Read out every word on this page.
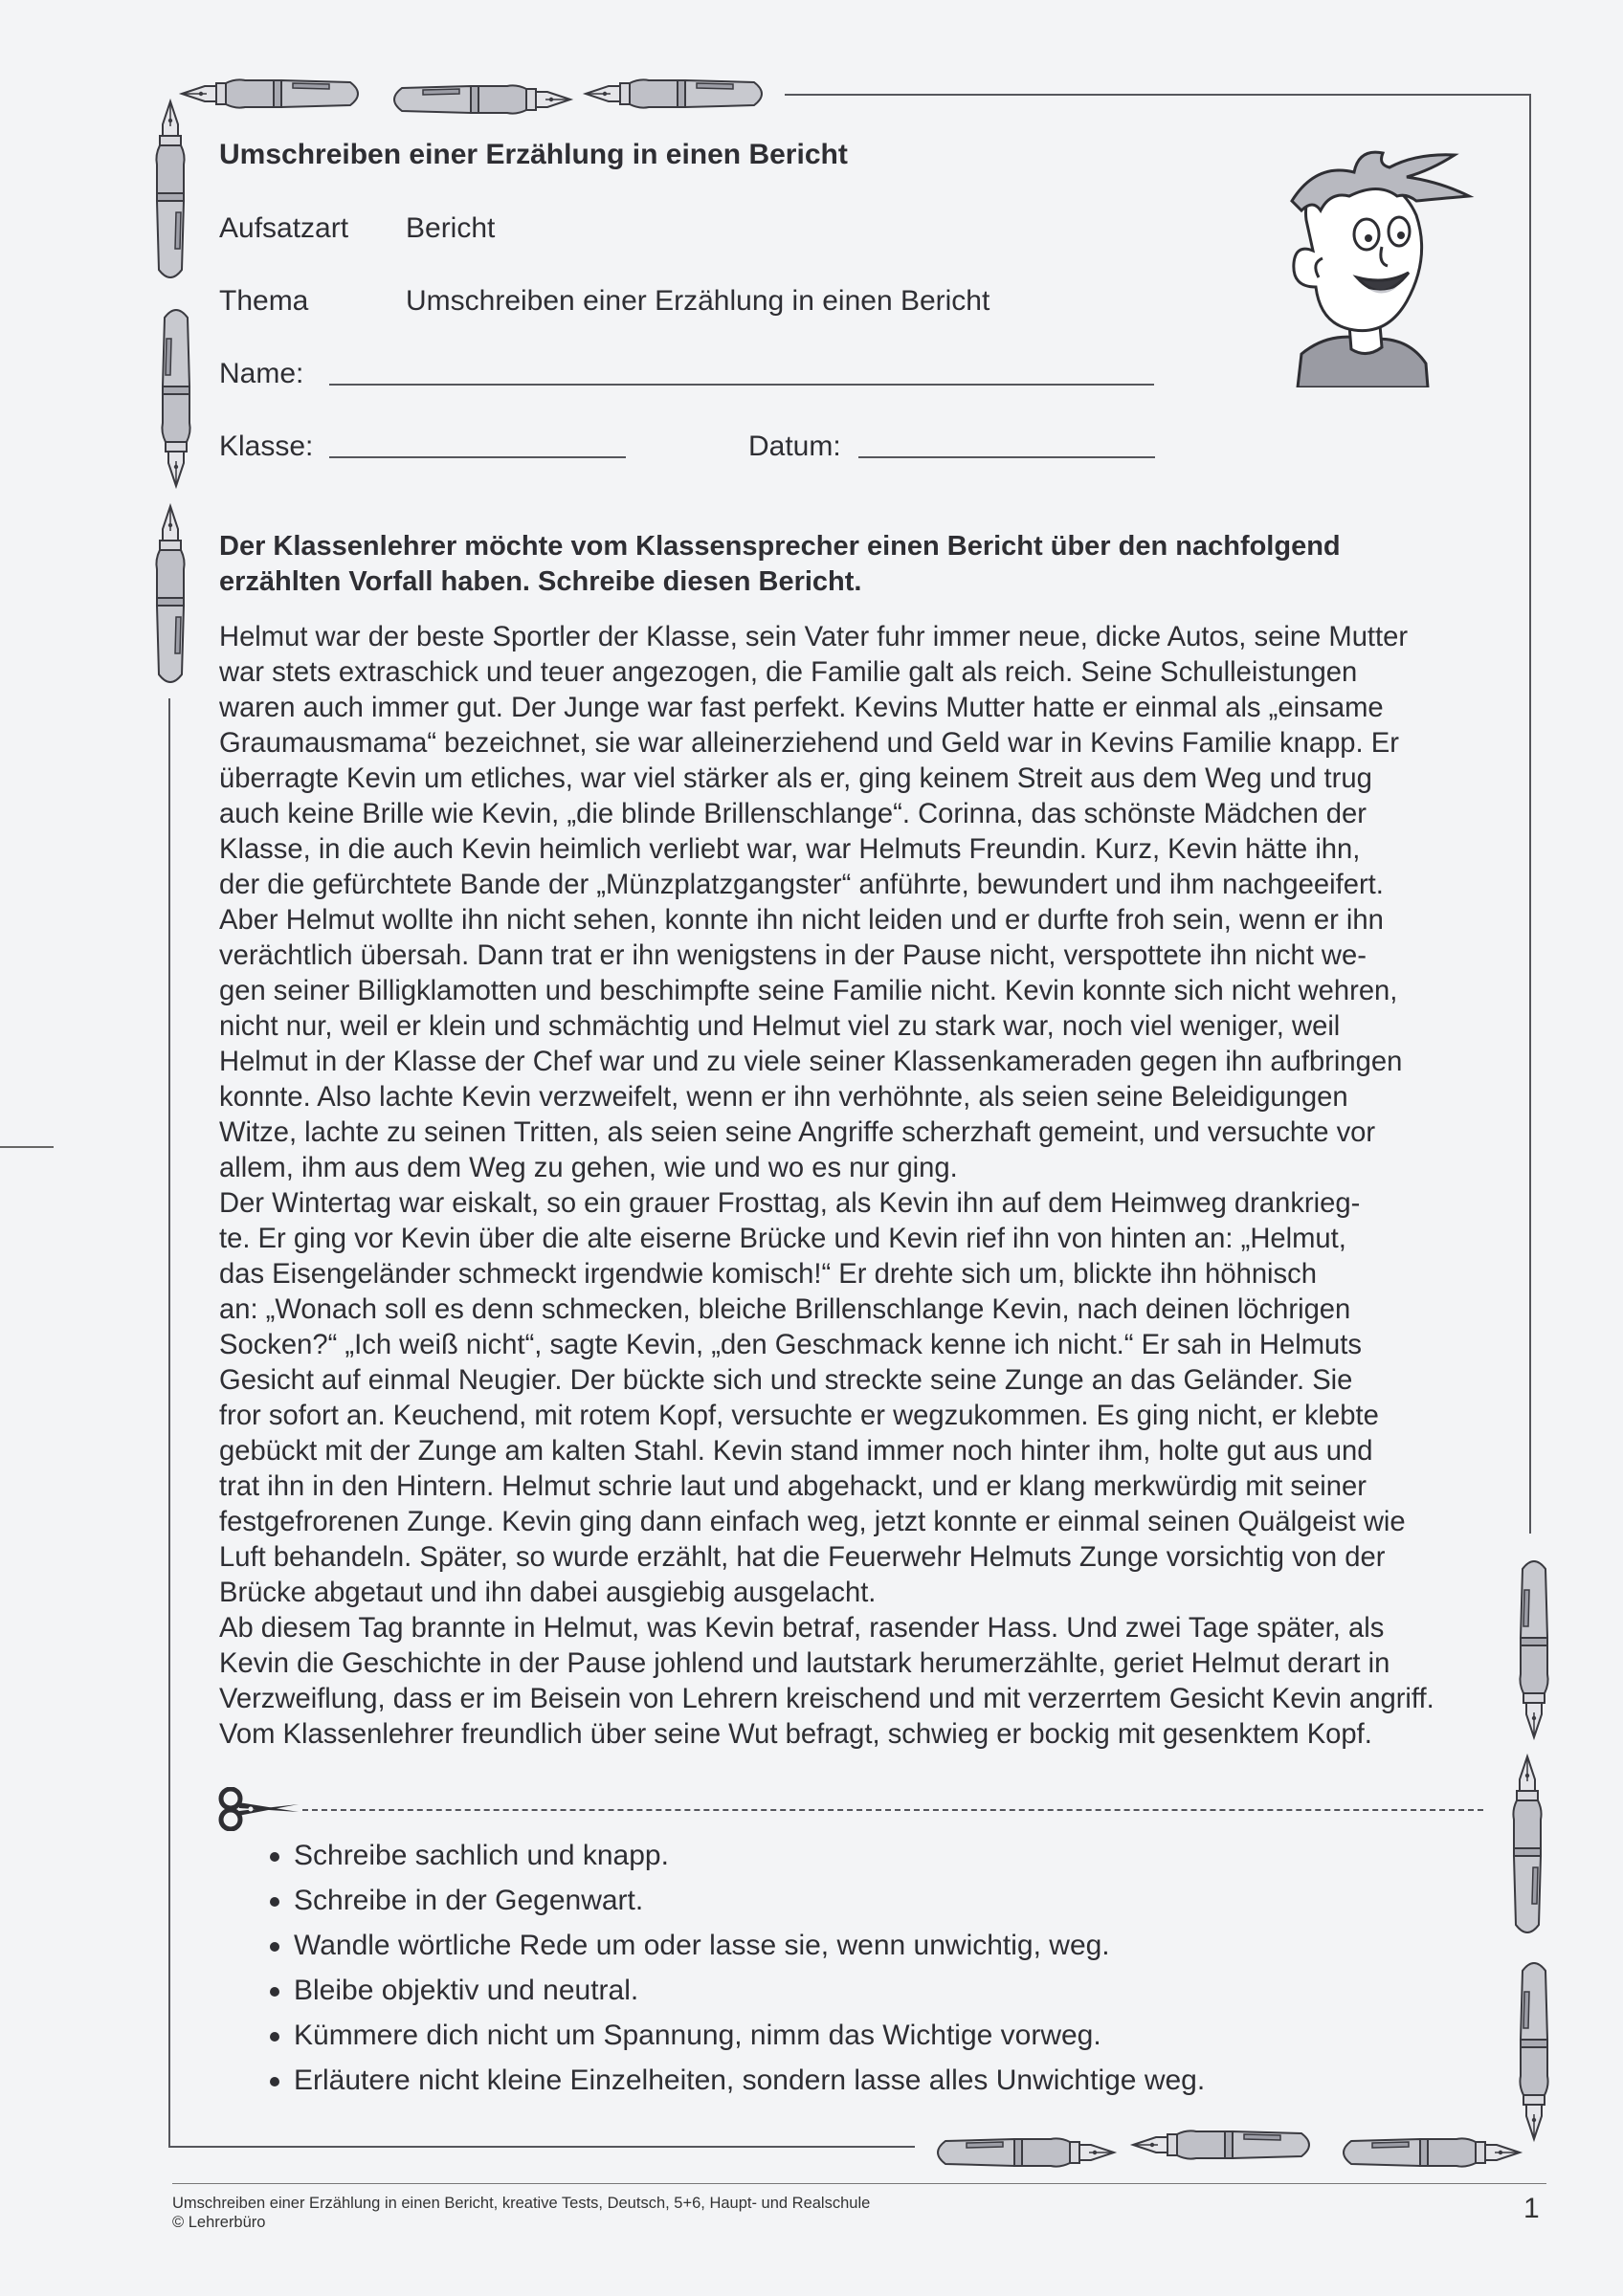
Umschreiben einer Erzählung in einen Bericht
Aufsatzart Bericht
Thema	Umschreiben einer Erzählung in einen Bericht
Name:
Klasse:	Datum:

Der Klassenlehrer möchte vom Klassensprecher einen Bericht über den nachfolgend
erzählten Vorfall haben. Schreibe diesen Bericht.

Helmut war der beste Sportler der Klasse, sein Vater fuhr immer neue, dicke Autos, seine Mutter
war stets extraschick und teuer angezogen, die Familie galt als reich. Seine Schulleistungen
waren auch immer gut. Der Junge war fast perfekt. Kevins Mutter hatte er einmal als „einsame
Graumausmama“ bezeichnet, sie war alleinerziehend und Geld war in Kevins Familie knapp. Er
überragte Kevin um etliches, war viel stärker als er, ging keinem Streit aus dem Weg und trug
auch keine Brille wie Kevin, „die blinde Brillenschlange“. Corinna, das schönste Mädchen der
Klasse, in die auch Kevin heimlich verliebt war, war Helmuts Freundin. Kurz, Kevin hätte ihn,
der die gefürchtete Bande der „Münzplatzgangster“ anführte, bewundert und ihm nachgeeifert.
Aber Helmut wollte ihn nicht sehen, konnte ihn nicht leiden und er durfte froh sein, wenn er ihn
verächtlich übersah. Dann trat er ihn wenigstens in der Pause nicht, verspottete ihn nicht we-
gen seiner Billigklamotten und beschimpfte seine Familie nicht. Kevin konnte sich nicht wehren,
nicht nur, weil er klein und schmächtig und Helmut viel zu stark war, noch viel weniger, weil
Helmut in der Klasse der Chef war und zu viele seiner Klassenkameraden gegen ihn aufbringen
konnte. Also lachte Kevin verzweifelt, wenn er ihn verhöhnte, als seien seine Beleidigungen
Witze, lachte zu seinen Tritten, als seien seine Angriffe scherzhaft gemeint, und versuchte vor
allem, ihm aus dem Weg zu gehen, wie und wo es nur ging.

Der Wintertag war eiskalt, so ein grauer Frosttag, als Kevin ihn auf dem Heimweg drankrieg-
te. Er ging vor Kevin über die alte eiserne Brücke und Kevin rief ihn von hinten an: „Helmut,
das Eisengeländer schmeckt irgendwie komisch!“ Er drehte sich um, blickte ihn höhnisch
an: „Wonach soll es denn schmecken, bleiche Brillenschlange Kevin, nach deinen löchrigen
Socken?“ „Ich weiß nicht“, sagte Kevin, „den Geschmack kenne ich nicht.“ Er sah in Helmuts
Gesicht auf einmal Neugier. Der bückte sich und streckte seine Zunge an das Geländer. Sie
fror sofort an. Keuchend, mit rotem Kopf, versuchte er wegzukommen. Es ging nicht, er klebte
gebückt mit der Zunge am kalten Stahl. Kevin stand immer noch hinter ihm, holte gut aus und
trat ihn in den Hintern. Helmut schrie laut und abgehackt, und er klang merkwürdig mit seiner
festgefrorenen Zunge. Kevin ging dann einfach weg, jetzt konnte er einmal seinen Quälgeist wie
Luft behandeln. Später, so wurde erzählt, hat die Feuerwehr Helmuts Zunge vorsichtig von der
Brücke abgetaut und ihn dabei ausgiebig ausgelacht.

Ab diesem Tag brannte in Helmut, was Kevin betraf, rasender Hass. Und zwei Tage später, als
Kevin die Geschichte in der Pause johlend und lautstark herumerzählte, geriet Helmut derart in
Verzweiflung, dass er im Beisein von Lehrern kreischend und mit verzerrtem Gesicht Kevin angriff.
Vom Klassenlehrer freundlich über seine Wut befragt, schwieg er bockig mit gesenktem Kopf.

Schreibe sachlich und knapp.
Schreibe in der Gegenwart.
Wandle wörtliche Rede um oder lasse sie, wenn unwichtig, weg.
Bleibe objektiv und neutral.
Kümmere dich nicht um Spannung, nimm das Wichtige vorweg.
Erläutere nicht kleine Einzelheiten, sondern lasse alles Unwichtige weg.
Umschreiben einer Erzählung in einen Bericht, kreative Tests, Deutsch, 5+6, Haupt- und Realschule
© Lehrerbüro	1
